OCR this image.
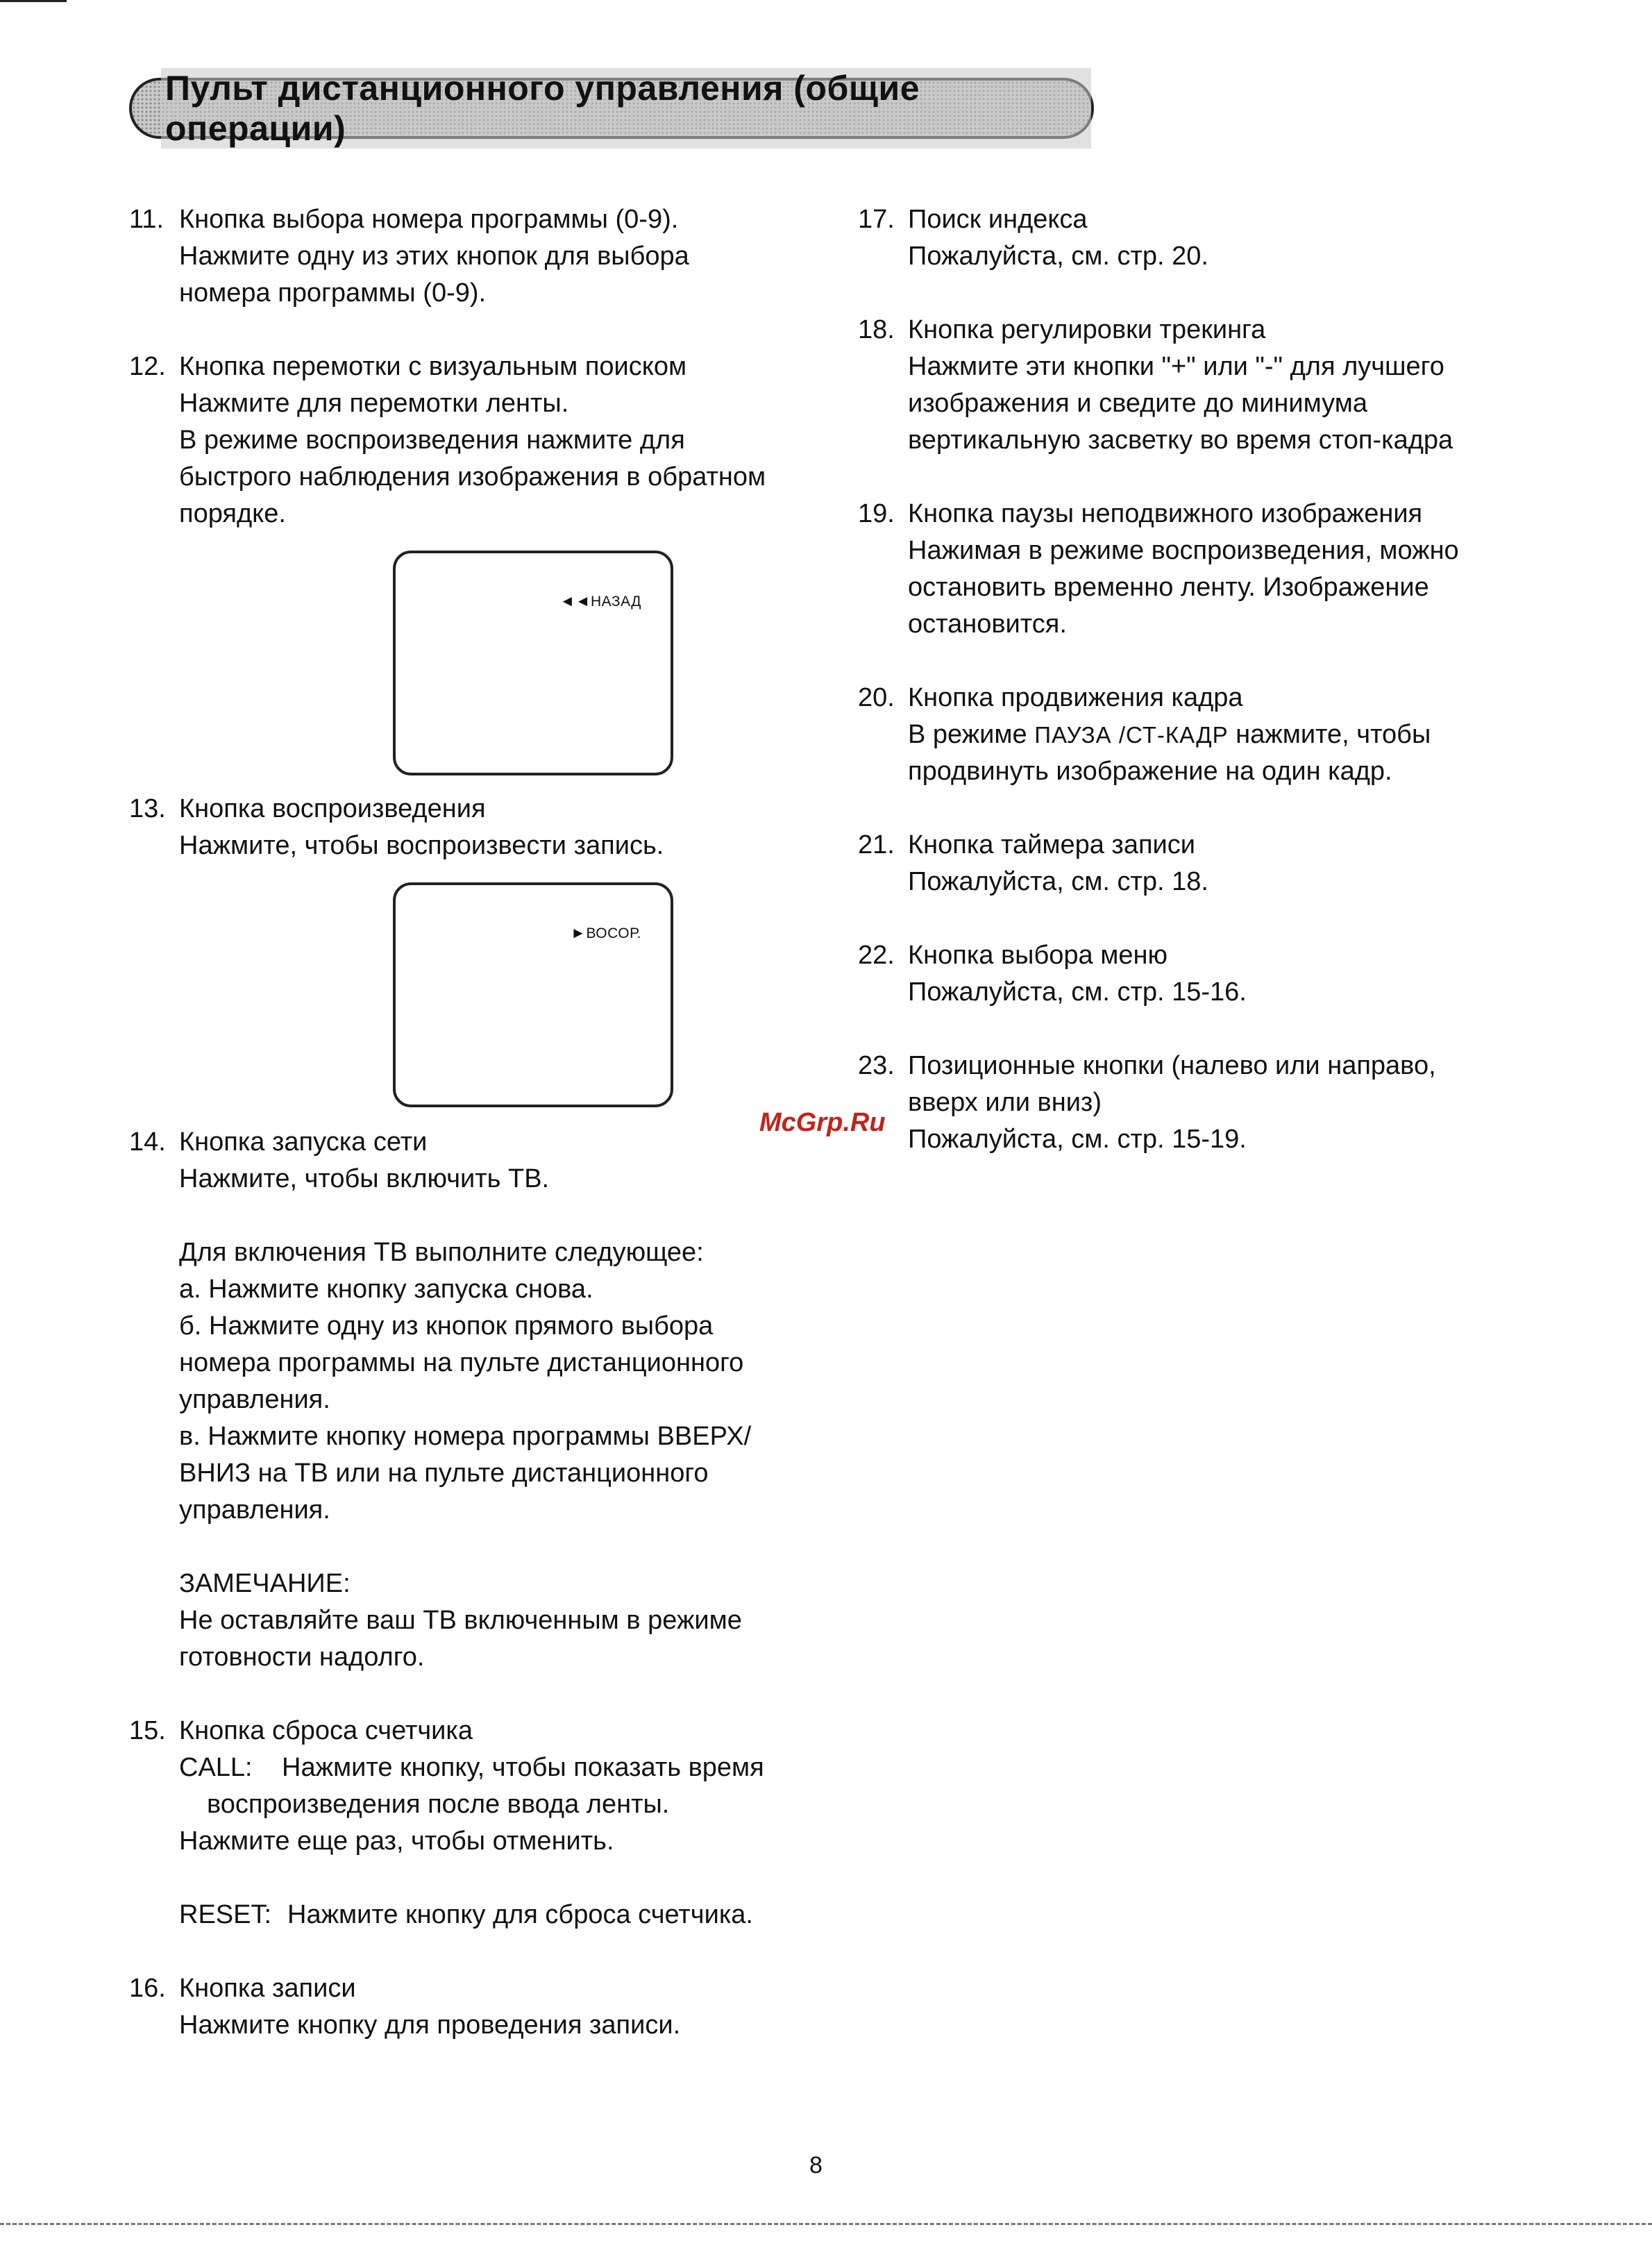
Пульт дистанционного управления (общие операции)
11. Кнопка выбора номера программы (0-9).
Нажмите одну из этих кнопок для выбора
номера программы (0-9).
12. Кнопка перемотки с визуальным поиском
Нажмите для перемотки ленты.
В режиме воспроизведения нажмите для
быстрого наблюдения изображения в обратном
порядке.
◄◄НАЗАД
13. Кнопка воспроизведения
Нажмите, чтобы воспроизвести запись.
►ВОСОР.
14. Кнопка запуска сети
Нажмите, чтобы включить ТВ.
Для включения ТВ выполните следующее:
а. Нажмите кнопку запуска снова.
б. Нажмите одну из кнопок прямого выбора
номера программы на пульте дистанционного
управления.
в. Нажмите кнопку номера программы ВВЕРХ/
ВНИЗ на ТВ или на пульте дистанционного
управления.
ЗАМЕЧАНИЕ:
Не оставляйте ваш ТВ включенным в режиме
готовности надолго.
15. Кнопка сброса счетчика
CALL: Нажмите кнопку, чтобы показать время
воспроизведения после ввода ленты.
Нажмите еще раз, чтобы отменить.
RESET: Нажмите кнопку для сброса счетчика.
16. Кнопка записи
Нажмите кнопку для проведения записи.
17. Поиск индекса
Пожалуйста, см. стр. 20.
18. Кнопка регулировки трекинга
Нажмите эти кнопки "+" или "-" для лучшего
изображения и сведите до минимума
вертикальную засветку во время стоп-кадра
19. Кнопка паузы неподвижного изображения
Нажимая в режиме воспроизведения, можно
остановить временно ленту. Изображение
остановится.
20. Кнопка продвижения кадра
В режиме ПАУЗА /СТ-КАДР нажмите, чтобы
продвинуть изображение на один кадр.
21. Кнопка таймера записи
Пожалуйста, см. стр. 18.
22. Кнопка выбора меню
Пожалуйста, см. стр. 15-16.
23. Позиционные кнопки (налево или направо,
вверх или вниз)
Пожалуйста, см. стр. 15-19.
McGrp.Ru
8
